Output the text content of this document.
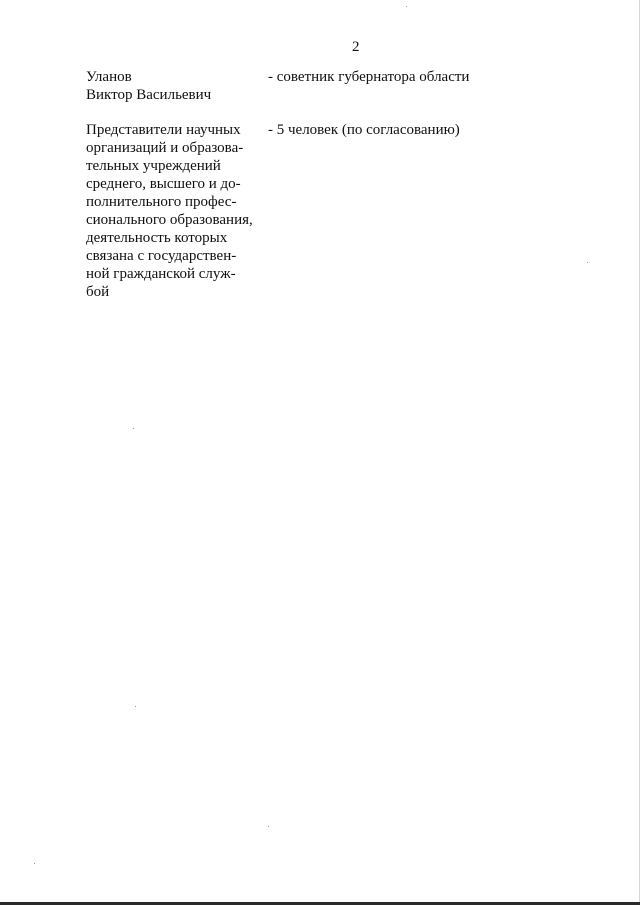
2
Уланов
Виктор Васильевич
- советник губернатора области
Представители научных
организаций и образова-
тельных учреждений
среднего, высшего и до-
полнительного профес-
сионального образования,
деятельность которых
связана с государствен-
ной гражданской служ-
бой
- 5 человек (по согласованию)
